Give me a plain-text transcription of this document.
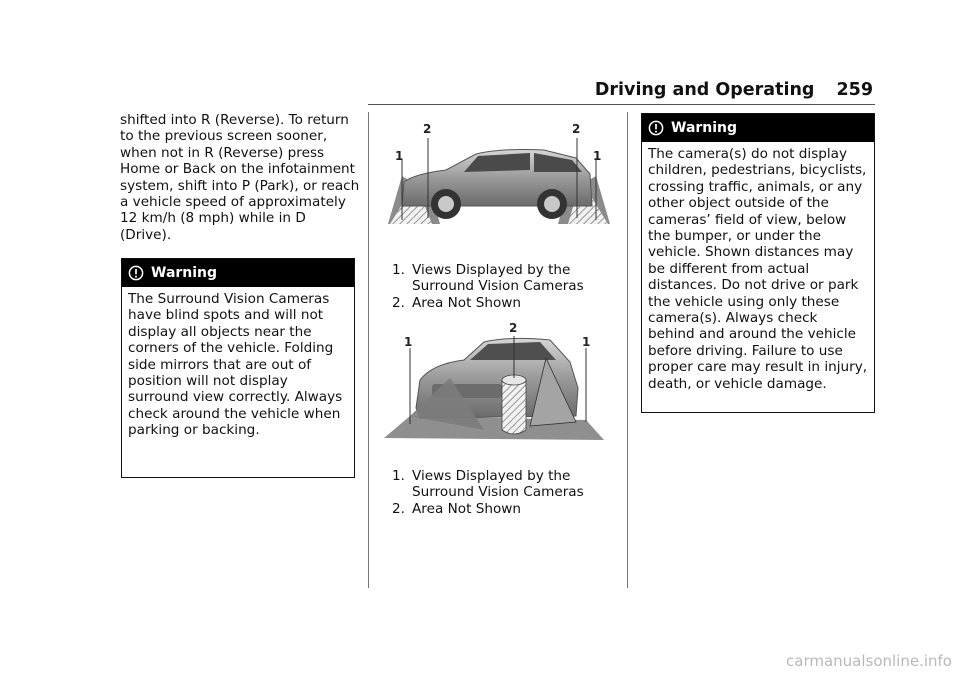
Driving and Operating 259

shifted into R (Reverse). To return to the previous screen sooner, when not in R (Reverse) press Home or Back on the infotainment system, shift into P (Park), or reach a vehicle speed of approximately 12 km/h (8 mph) while in D (Drive).

Warning

The Surround Vision Cameras have blind spots and will not display all objects near the corners of the vehicle. Folding side mirrors that are out of position will not display surround view correctly. Always check around the vehicle when parking or backing.

1
2	2
1
1. Views Displayed by the Surround Vision Cameras
2. Area Not Shown
1
2
1
1. Views Displayed by the Surround Vision Cameras
2. Area Not Shown
Warning

The camera(s) do not display children, pedestrians, bicyclists, crossing traffic, animals, or any other object outside of the cameras’ field of view, below the bumper, or under the vehicle. Shown distances may be different from actual distances. Do not drive or park the vehicle using only these camera(s). Always check behind and around the vehicle before driving. Failure to use proper care may result in injury, death, or vehicle damage.

carmanualsonline.info
